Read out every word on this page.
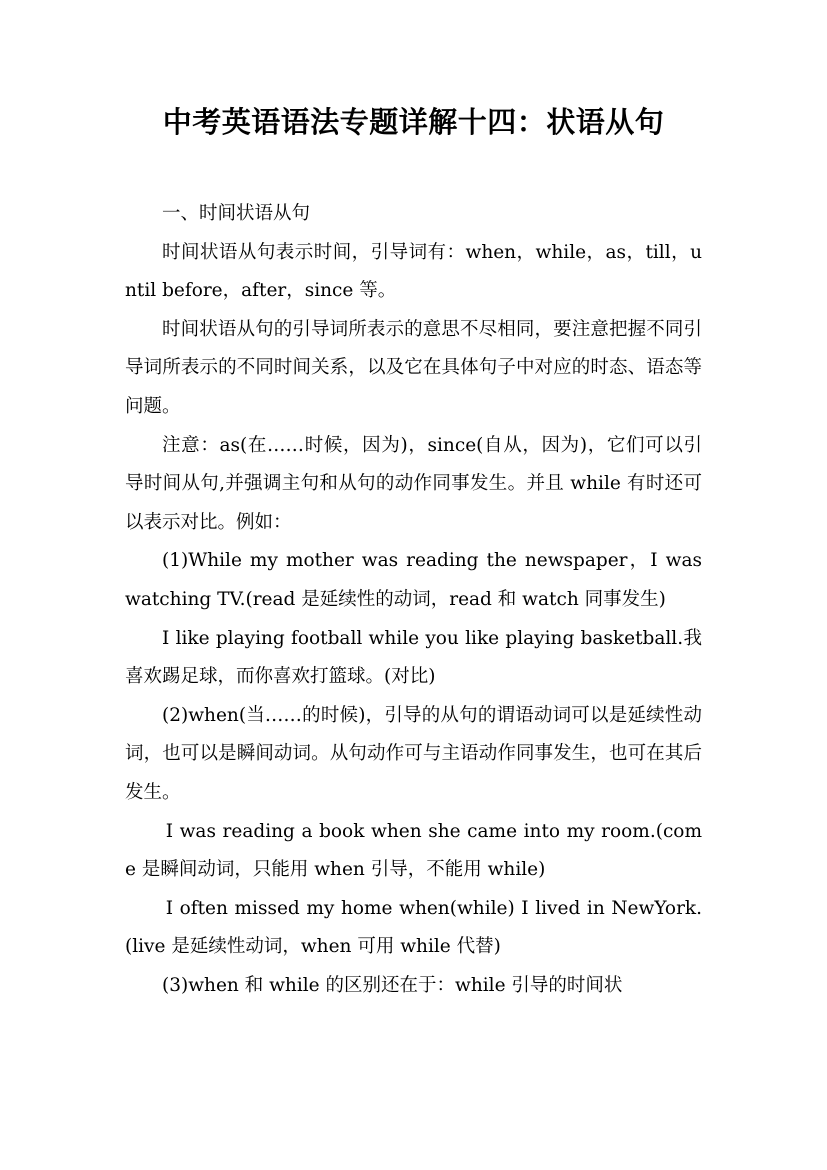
中考英语语法专题详解十四：状语从句

一、时间状语从句

时间状语从句表示时间，引导词有：when，while，as，till，until before，after，since 等。

时间状语从句的引导词所表示的意思不尽相同，要注意把握不同引导词所表示的不同时间关系，以及它在具体句子中对应的时态、语态等问题。

注意：as(在……时候，因为)，since(自从，因为)，它们可以引导时间从句,并强调主句和从句的动作同事发生。并且 while 有时还可以表示对比。例如：

(1)While my mother was reading the newspaper，I was watching TV.(read 是延续性的动词，read 和 watch 同事发生)

I like playing football while you like playing basketball.我喜欢踢足球，而你喜欢打篮球。(对比)

(2)when(当……的时候)，引导的从句的谓语动词可以是延续性动词，也可以是瞬间动词。从句动作可与主语动作同事发生，也可在其后发生。

I was reading a book when she came into my room.(come 是瞬间动词，只能用 when 引导，不能用 while)

I often missed my home when(while) I lived in NewYork.(live 是延续性动词，when 可用 while 代替)

(3)when 和 while 的区别还在于：while 引导的时间状
